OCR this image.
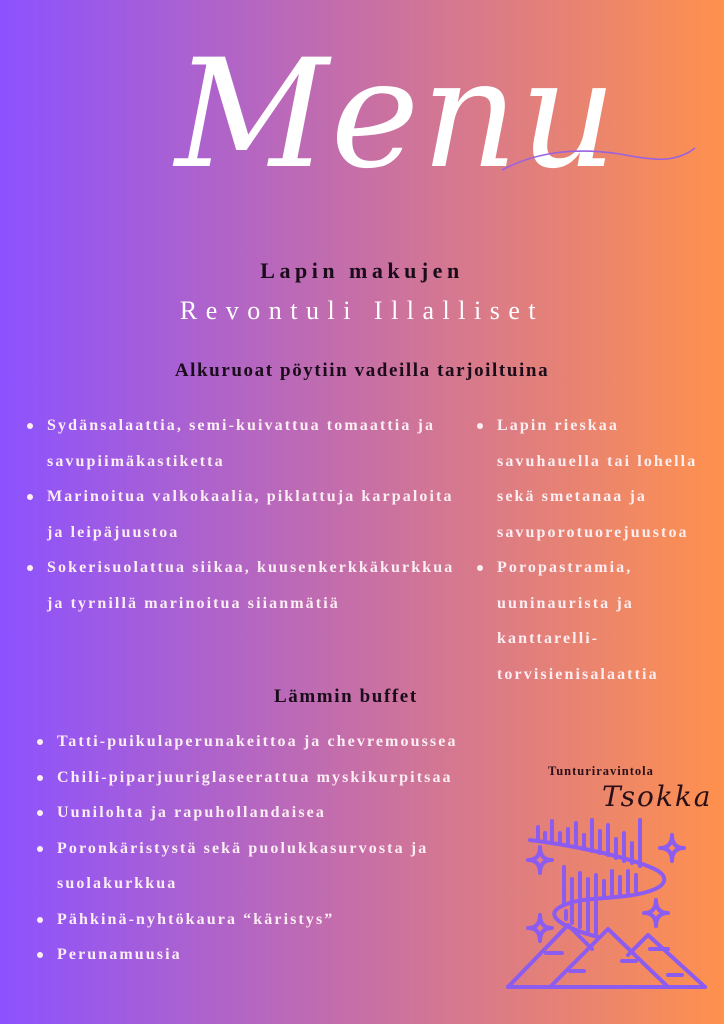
Menu
Lapin makujen
Revontuli Illalliset
Alkuruoat pöytiin vadeilla tarjoiltuina
Sydänsalaattia, semi-kuivattua tomaattia ja savupiimäkastiketta
Marinoitua valkokaalia, piklattuja karpaloita ja leipäjuustoa
Sokerisuolattua siikaa, kuusenkerkkäkurkkua ja tyrnillä marinoitua siianmätiä
Lapin rieskaa savuhauella tai lohella sekä smetanaa ja savuporotuorejuustoa
Poropastramia, uuninaurista ja kanttarelli-torvisienisalaattia
Lämmin buffet
Tatti-puikulaperunakeittoa ja chevremoussea
Chili-piparjuuriglaseerattua myskikurpitsaa
Uunilohta ja rapuhollandaisea
Poronkäristystä sekä puolukkasurvosta ja suolakurkkua
Pähkinä-nyhtökaura “käristys”
Perunamuusia
Tunturiravintola
Tsokka
